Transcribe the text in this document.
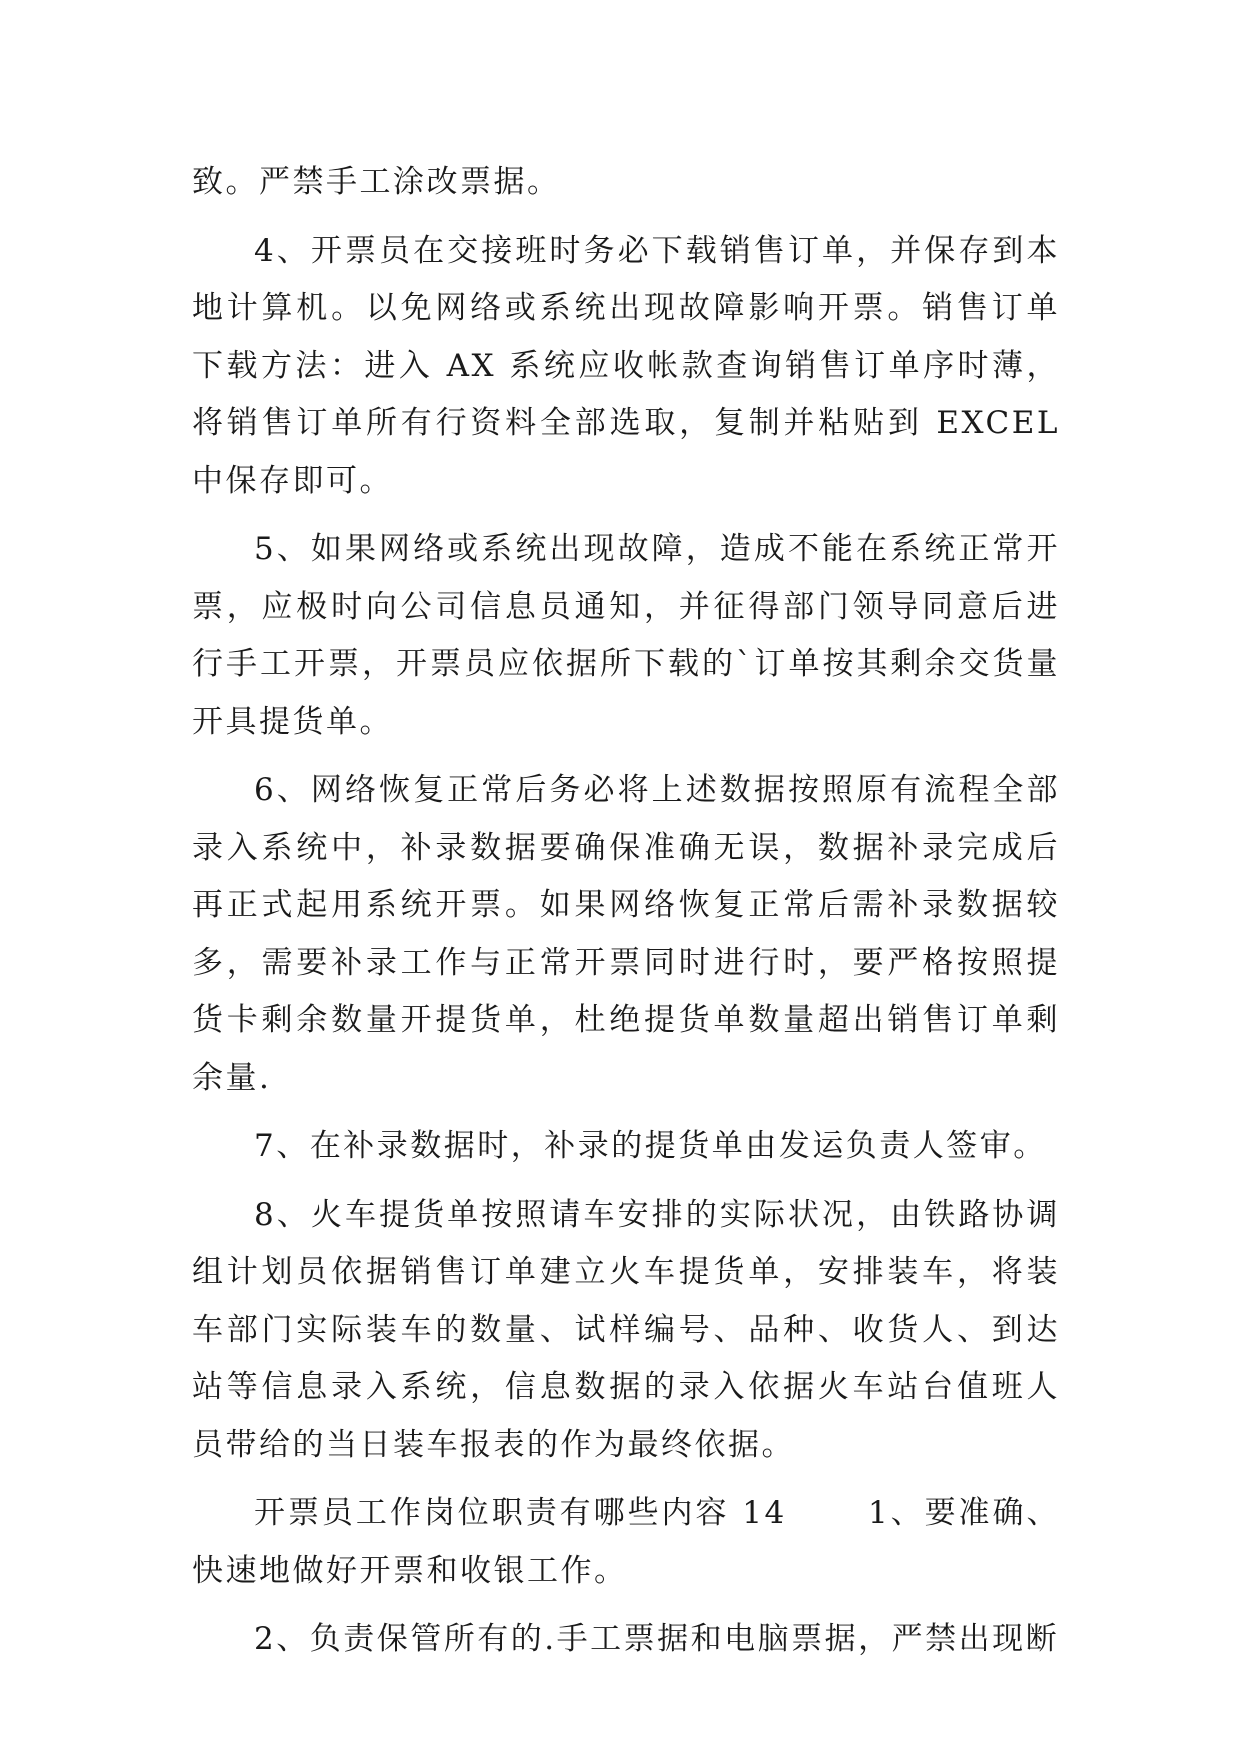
致。严禁手工涂改票据。

4、开票员在交接班时务必下载销售订单，并保存到本地计算机。以免网络或系统出现故障影响开票。销售订单下载方法：进入 AX 系统应收帐款查询销售订单序时薄，将销售订单所有行资料全部选取，复制并粘贴到 EXCEL 中保存即可。

5、如果网络或系统出现故障，造成不能在系统正常开票，应极时向公司信息员通知，并征得部门领导同意后进行手工开票，开票员应依据所下载的`订单按其剩余交货量开具提货单。

6、网络恢复正常后务必将上述数据按照原有流程全部录入系统中，补录数据要确保准确无误，数据补录完成后再正式起用系统开票。如果网络恢复正常后需补录数据较多，需要补录工作与正常开票同时进行时，要严格按照提货卡剩余数量开提货单，杜绝提货单数量超出销售订单剩余量.

7、在补录数据时，补录的提货单由发运负责人签审。

8、火车提货单按照请车安排的实际状况，由铁路协调组计划员依据销售订单建立火车提货单，安排装车，将装车部门实际装车的数量、试样编号、品种、收货人、到达站等信息录入系统，信息数据的录入依据火车站台值班人员带给的当日装车报表的作为最终依据。

开票员工作岗位职责有哪些内容 14　　 1、要准确、快速地做好开票和收银工作。

2、负责保管所有的.手工票据和电脑票据，严禁出现断
